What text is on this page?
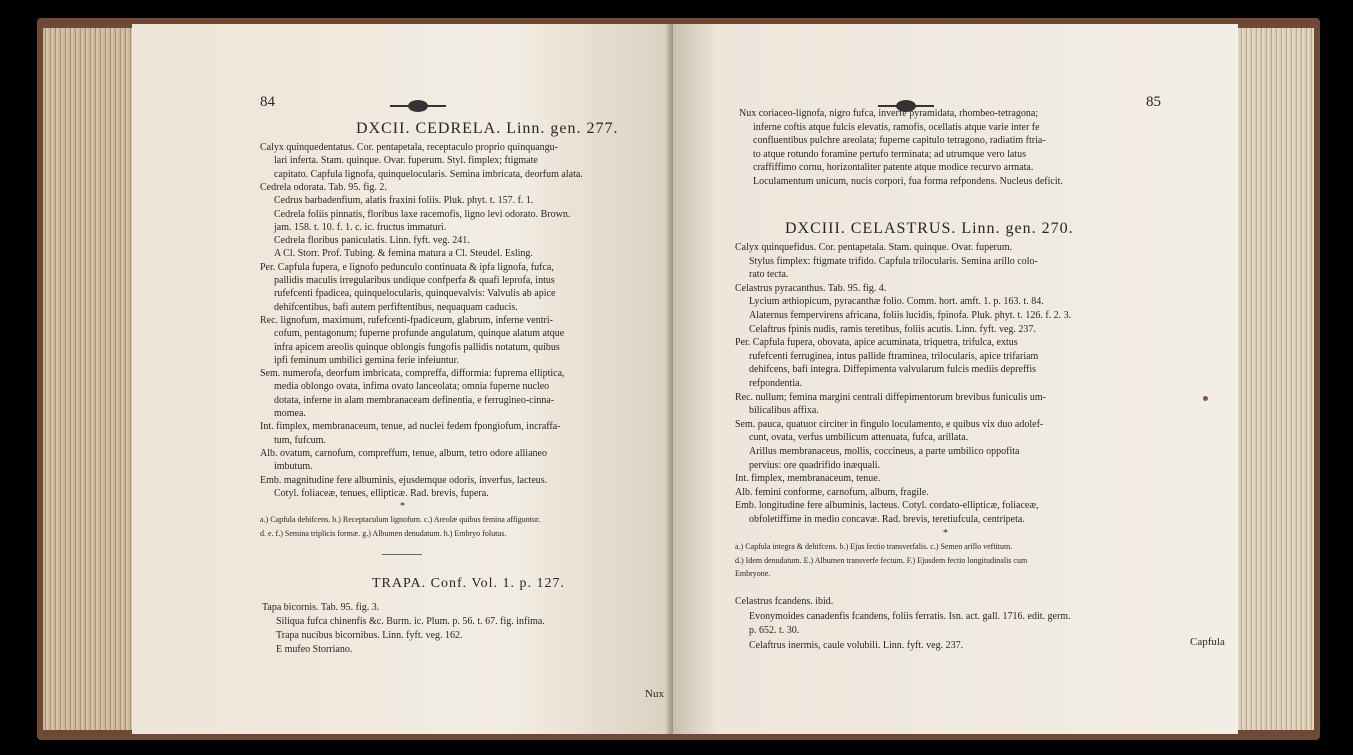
84
DXCII. CEDRELA. Linn. gen. 277.
Calyx quinquedentatus. Cor. pentapetala, receptaculo proprio quinquangu-
lari inferta. Stam. quinque. Ovar. fuperum. Styl. fimplex; ftigmate
capitato. Capfula lignofa, quinquelocularis. Semina imbricata, deorfum alata.
Cedrela odorata. Tab. 95. fig. 2.
Cedrus barbadenfium, alatis fraxini foliis. Pluk. phyt. t. 157. f. 1.
Cedrela foliis pinnatis, floribus laxe racemofis, ligno levi odorato. Brown.
jam. 158. t. 10. f. 1. c. ic. fructus immaturi.
Cedrela floribus paniculatis. Linn. fyft. veg. 241.
A Cl. Storr. Prof. Tubing. & femina matura a Cl. Steudel. Esling.
Per. Capfula fupera, e lignofo pedunculo continuata & ipfa lignofa, fufca,
pallidis maculis irregularibus undique confperfa & quafi leprofa, intus
rufefcenti fpadicea, quinquelocularis, quinquevalvis: Valvulis ab apice
dehifcentibus, bafi autem perfiftentibus, nequaquam caducis.
Rec. lignofum, maximum, rufefcenti-fpadiceum, glabrum, inferne ventri-
cofum, pentagonum; fuperne profunde angulatum, quinque alatum atque
infra apicem areolis quinque oblongis fungofis pallidis notatum, quibus
ipfi feminum umbilici gemina ferie infeiuntur.
Sem. numerofa, deorfum imbricata, compreffa, difformia: fuprema elliptica,
media oblongo ovata, infima ovato lanceolata; omnia fuperne nucleo
dotata, inferne in alam membranaceam definentia, e ferrugineo-cinna-
momea.
Int. fimplex, membranaceum, tenue, ad nuclei fedem fpongiofum, incraffa-
tum, fufcum.
Alb. ovatum, carnofum, compreffum, tenue, album, tetro odore allianeo
imbutum.
Emb. magnitudine fere albuminis, ejusdemque odoris, inverfus, lacteus.
Cotyl. foliaceæ, tenues, ellipticæ. Rad. brevis, fupera.
*
a.) Capfula dehifcens. b.) Receptaculum lignofum. c.) Areolæ quibus femina affiguntur.
d. e. f.) Semina triplicis formæ. g.) Albumen denudatum. h.) Embryo folutus.
TRAPA. Conf. Vol. 1. p. 127.
Tapa bicornis. Tab. 95. fig. 3.
Siliqua fufca chinenfis &c. Burm. ic. Plum. p. 56. t. 67. fig. infima.
Trapa nucibus bicornibus. Linn. fyft. veg. 162.
E mufeo Storriano.
Nux
85
Nux coriaceo-lignofa, nigro fufca, inverfe pyramidata, rhombeo-tetragona;
inferne coftis atque fulcis elevatis, ramofis, ocellatis atque varie inter fe
confluentibus pulchre areolata; fuperne capitulo tetragono, radiatim ftria-
to atque rotundo foramine pertufo terminata; ad utrumque vero latus
craffiffimo cornu, horizontaliter patente atque modice recurvo armata.
Loculamentum unicum, nucis corpori, fua forma refpondens. Nucleus deficit.
DXCIII. CELASTRUS. Linn. gen. 270.
Calyx quinquefidus. Cor. pentapetala. Stam. quinque. Ovar. fuperum.
Stylus fimplex: ftigmate trifido. Capfula trilocularis. Semina arillo colo-
rato tecta.
Celastrus pyracanthus. Tab. 95. fig. 4.
Lycium æthiopicum, pyracanthæ folio. Comm. hort. amft. 1. p. 163. t. 84.
Alaternus fempervirens africana, foliis lucidis, fpinofa. Pluk. phyt. t. 126. f. 2. 3.
Celaftrus fpinis nudis, ramis teretibus, foliis acutis. Linn. fyft. veg. 237.
Per. Capfula fupera, obovata, apice acuminata, triquetra, trifulca, extus
rufefcenti ferruginea, intus pallide ftraminea, trilocularis, apice trifariam
dehifcens, bafi integra. Diffepimenta valvularum fulcis mediis depreffis
refpondentia.
Rec. nullum; femina margini centrali diffepimentorum brevibus funiculis um-
bilicalibus affixa.
Sem. pauca, quatuor circiter in fingulo loculamento, e quibus vix duo adolef-
cunt, ovata, verfus umbilicum attenuata, fufca, arillata.
Arillus membranaceus, mollis, coccineus, a parte umbilico oppofita
pervius: ore quadrifido inæquali.
Int. fimplex, membranaceum, tenue.
Alb. femini conforme, carnofum, album, fragile.
Emb. longitudine fere albuminis, lacteus. Cotyl. cordato-ellipticæ, foliaceæ,
obfoletiffime in medio concavæ. Rad. brevis, teretiufcula, centripeta.
*
a.) Capfula integra & dehifcens. b.) Ejus fectio transverfalis. c.) Semen arillo veftitum.
d.) Idem denudatum. E.) Albumen transverfe fectum. F.) Ejusdem fectio longitudinalis cum
Embryone.
Celastrus fcandens. ibid.
Evonymoides canadenfis fcandens, foliis ferratis. Isn. act. gall. 1716. edit. germ.
p. 652. t. 30.
Celaftrus inermis, caule volubili. Linn. fyft. veg. 237.	Capfula
